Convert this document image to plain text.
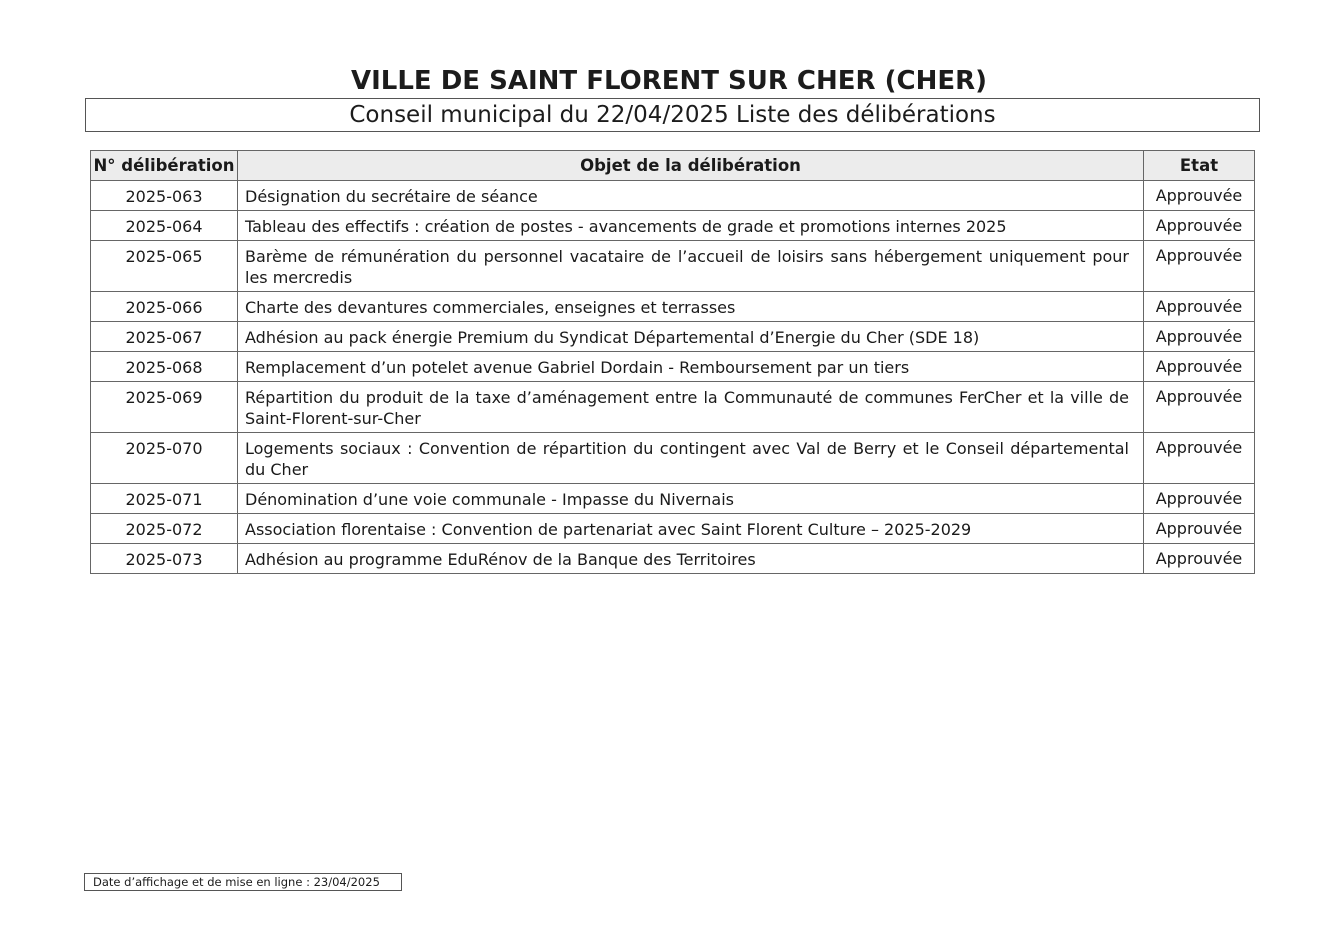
VILLE DE SAINT FLORENT SUR CHER (CHER)
Conseil municipal du 22/04/2025 Liste des délibérations
N° délibération	Objet de la délibération	Etat
2025-063	Désignation du secrétaire de séance	Approuvée
2025-064	Tableau des effectifs : création de postes - avancements de grade et promotions internes 2025	Approuvée
2025-065	Barème de rémunération du personnel vacataire de l’accueil de loisirs sans hébergement uniquement pour les mercredis	Approuvée
2025-066	Charte des devantures commerciales, enseignes et terrasses	Approuvée
2025-067	Adhésion au pack énergie Premium du Syndicat Départemental d’Energie du Cher (SDE 18)	Approuvée
2025-068	Remplacement d’un potelet avenue Gabriel Dordain - Remboursement par un tiers	Approuvée
2025-069	Répartition du produit de la taxe d’aménagement entre la Communauté de communes FerCher et la ville de Saint-Florent-sur-Cher	Approuvée
2025-070	Logements sociaux : Convention de répartition du contingent avec Val de Berry et le Conseil départemental du Cher	Approuvée
2025-071	Dénomination d’une voie communale - Impasse du Nivernais	Approuvée
2025-072	Association florentaise : Convention de partenariat avec Saint Florent Culture – 2025-2029	Approuvée
2025-073	Adhésion au programme EduRénov de la Banque des Territoires	Approuvée
Date d’affichage et de mise en ligne : 23/04/2025
